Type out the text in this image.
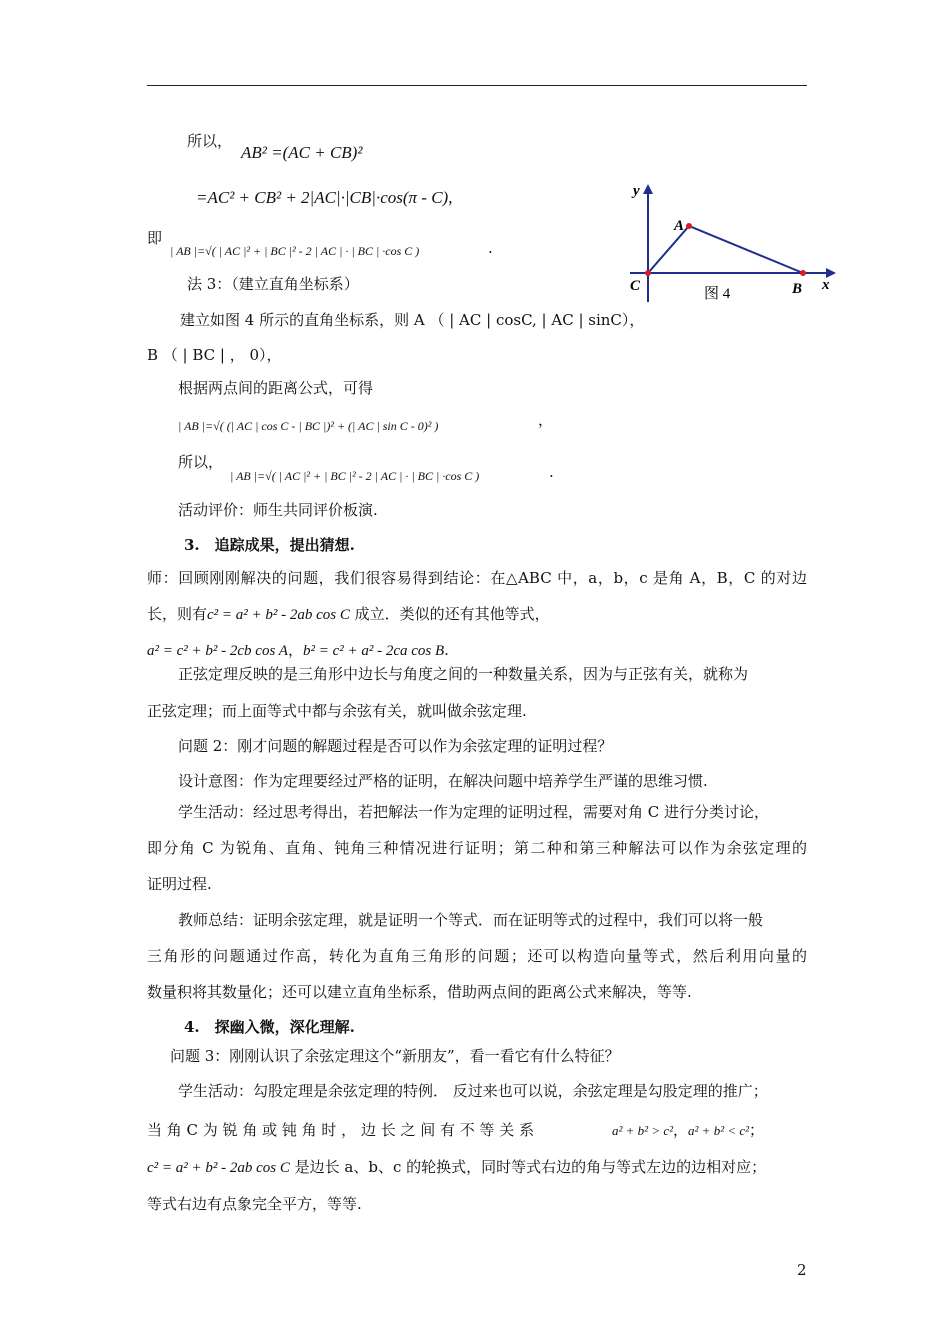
所以，
AB² =(AC + CB)²
=AC² + CB² + 2|AC|·|CB|·cos(π - C),
即
| AB |=√( | AC |² + | BC |² - 2 | AC | · | BC | ·cos C )	.
法 3：（建立直角坐标系）
建立如图 4 所示的直角坐标系，则 A （ | AC | cosC, | AC | sinC），
B （ | BC | ， 0），
根据两点间的距离公式，可得
| AB |=√( (| AC | cos C - | BC |)² + (| AC | sin C - 0)² )	，
所以，
| AB |=√( | AC |² + | BC |² - 2 | AC | · | BC | ·cos C )	.
活动评价：师生共同评价板演.
3.　追踪成果，提出猜想.
师：回顾刚刚解决的问题，我们很容易得到结论：在△ABC 中，a，b，c 是角 A，B，C 的对边
长，则有c² = a² + b² - 2ab cos C 成立．类似的还有其他等式，
a² = c² + b² - 2cb cos A，b² = c² + a² - 2ca cos B.
正弦定理反映的是三角形中边长与角度之间的一种数量关系，因为与正弦有关，就称为
正弦定理；而上面等式中都与余弦有关，就叫做余弦定理.
问题 2：刚才问题的解题过程是否可以作为余弦定理的证明过程？
设计意图：作为定理要经过严格的证明，在解决问题中培养学生严谨的思维习惯.
学生活动：经过思考得出，若把解法一作为定理的证明过程，需要对角 C 进行分类讨论，
即分角 C 为锐角、直角、钝角三种情况进行证明；第二种和第三种解法可以作为余弦定理的
证明过程.
教师总结：证明余弦定理，就是证明一个等式．而在证明等式的过程中，我们可以将一般
三角形的问题通过作高，转化为直角三角形的问题；还可以构造向量等式，然后利用向量的
数量积将其数量化；还可以建立直角坐标系，借助两点间的距离公式来解决，等等.
4.　探幽入微，深化理解.
问题 3：刚刚认识了余弦定理这个“新朋友”，看一看它有什么特征？
学生活动：勾股定理是余弦定理的特例． 反过来也可以说，余弦定理是勾股定理的推广；
当 角 C 为 锐 角 或 钝 角 时 ， 边 长 之 间 有 不 等 关 系	a² + b² > c²，a² + b² < c²；
c² = a² + b² - 2ab cos C 是边长 a、b、c 的轮换式，同时等式右边的角与等式左边的边相对应；
等式右边有点象完全平方，等等.
y
A
C	图 4	B x
2
